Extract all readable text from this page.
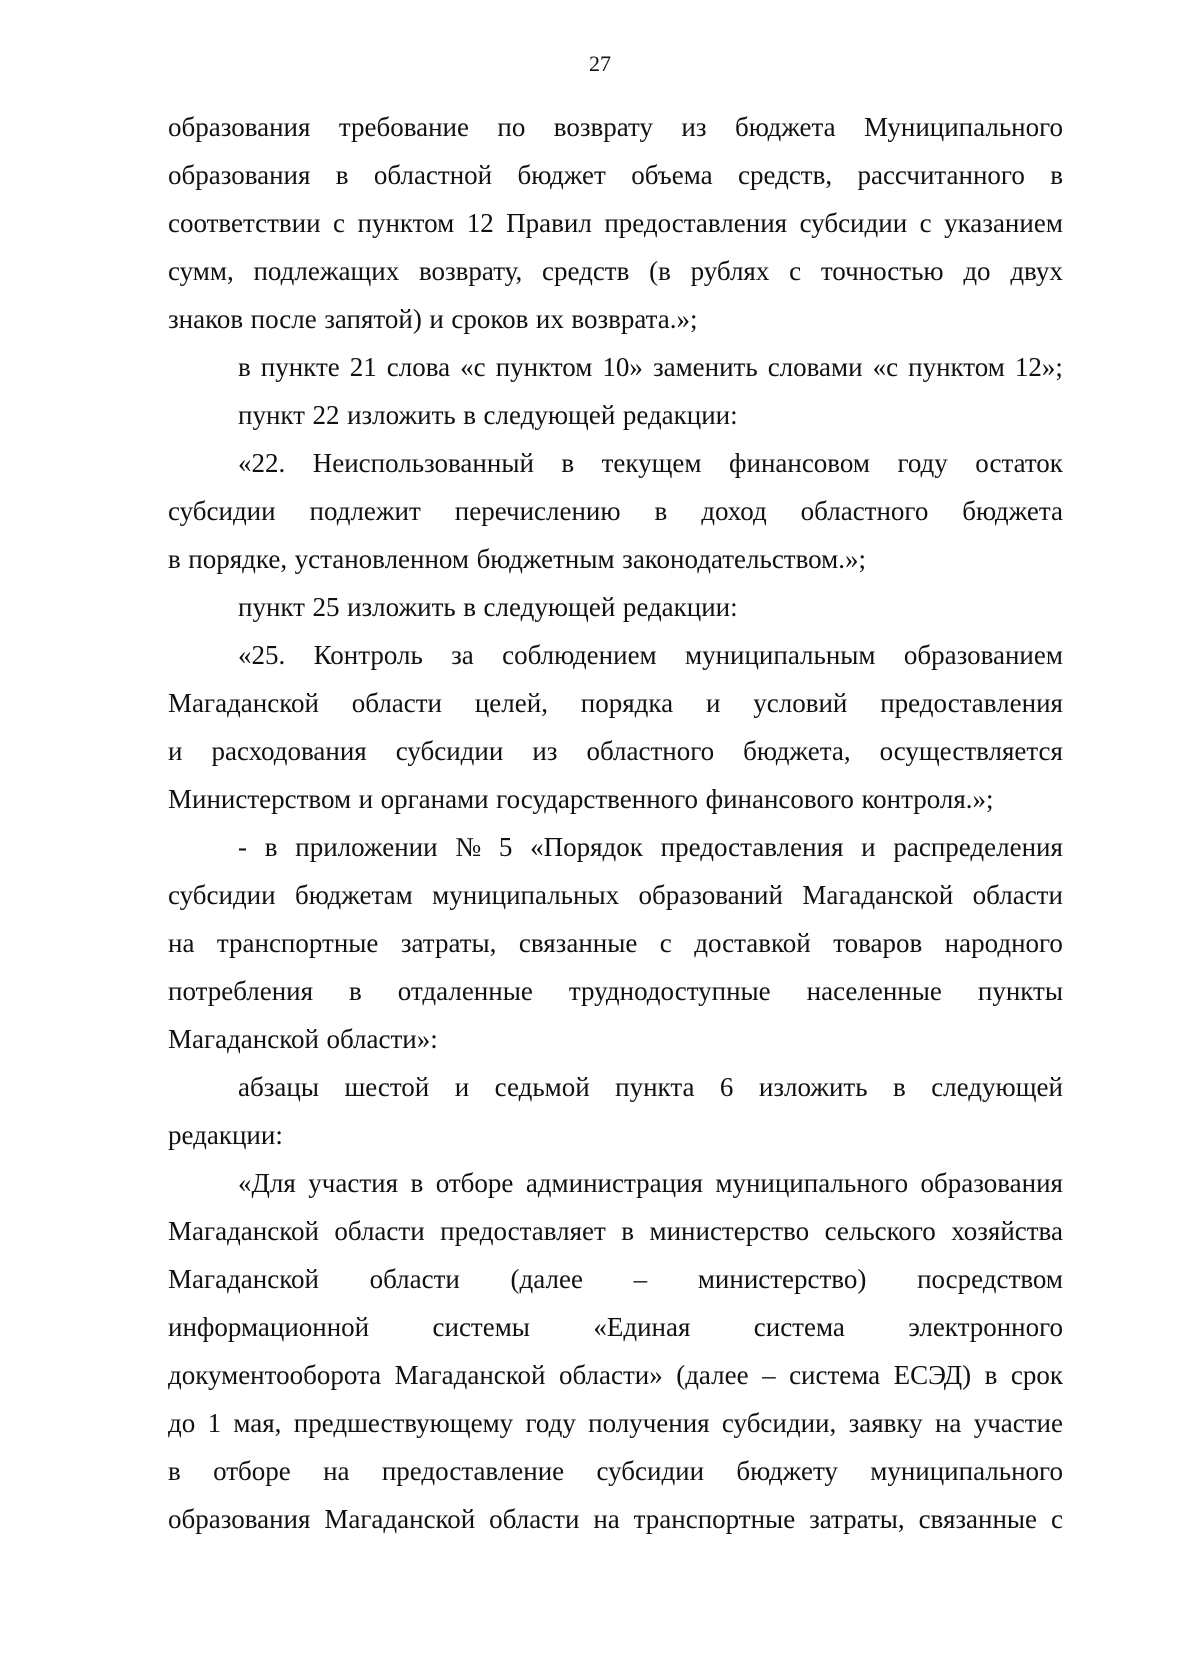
27
образования требование по возврату из бюджета Муниципального
образования в областной бюджет объема средств, рассчитанного в
соответствии с пунктом 12 Правил предоставления субсидии с указанием
сумм, подлежащих возврату, средств (в рублях с точностью до двух
знаков после запятой) и сроков их возврата.»;
в пункте 21 слова «с пунктом 10» заменить словами «с пунктом 12»;
пункт 22 изложить в следующей редакции:
«22. Неиспользованный в текущем финансовом году остаток
субсидии подлежит перечислению в доход областного бюджета
в порядке, установленном бюджетным законодательством.»;
пункт 25 изложить в следующей редакции:
«25. Контроль за соблюдением муниципальным образованием
Магаданской области целей, порядка и условий предоставления
и расходования субсидии из областного бюджета, осуществляется
Министерством и органами государственного финансового контроля.»;
- в приложении № 5 «Порядок предоставления и распределения
субсидии бюджетам муниципальных образований Магаданской области
на транспортные затраты, связанные с доставкой товаров народного
потребления в отдаленные труднодоступные населенные пункты
Магаданской области»:
абзацы шестой и седьмой пункта 6 изложить в следующей
редакции:
«Для участия в отборе администрация муниципального образования
Магаданской области предоставляет в министерство сельского хозяйства
Магаданской области (далее – министерство) посредством
информационной системы «Единая система электронного
документооборота Магаданской области» (далее – система ЕСЭД) в срок
до 1 мая, предшествующему году получения субсидии, заявку на участие
в отборе на предоставление субсидии бюджету муниципального
образования Магаданской области на транспортные затраты, связанные с
